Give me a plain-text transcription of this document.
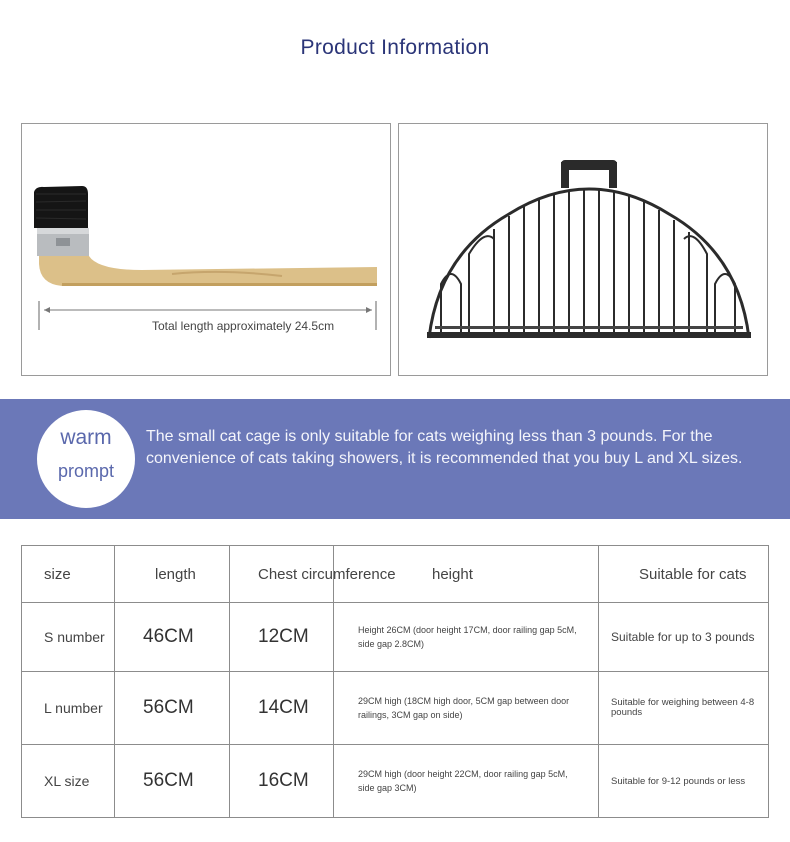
Product Information
Total length approximately 24.5cm
warm
prompt
The small cat cage is only suitable for cats weighing less than 3 pounds. For the convenience of cats taking showers, it is recommended that you buy L and XL sizes.
size	length	Chest circumference	height	Suitable for cats
S number	46CM	12CM	Height 26CM (door height 17CM, door railing gap 5cM, side gap 2.8CM)	Suitable for up to 3 pounds
L number	56CM	14CM	29CM high (18CM high door, 5CM gap between door railings, 3CM gap on side)	Suitable for weighing between 4-8 pounds
XL size	56CM	16CM	29CM high (door height 22CM, door railing gap 5cM, side gap 3CM)	Suitable for 9-12 pounds or less
